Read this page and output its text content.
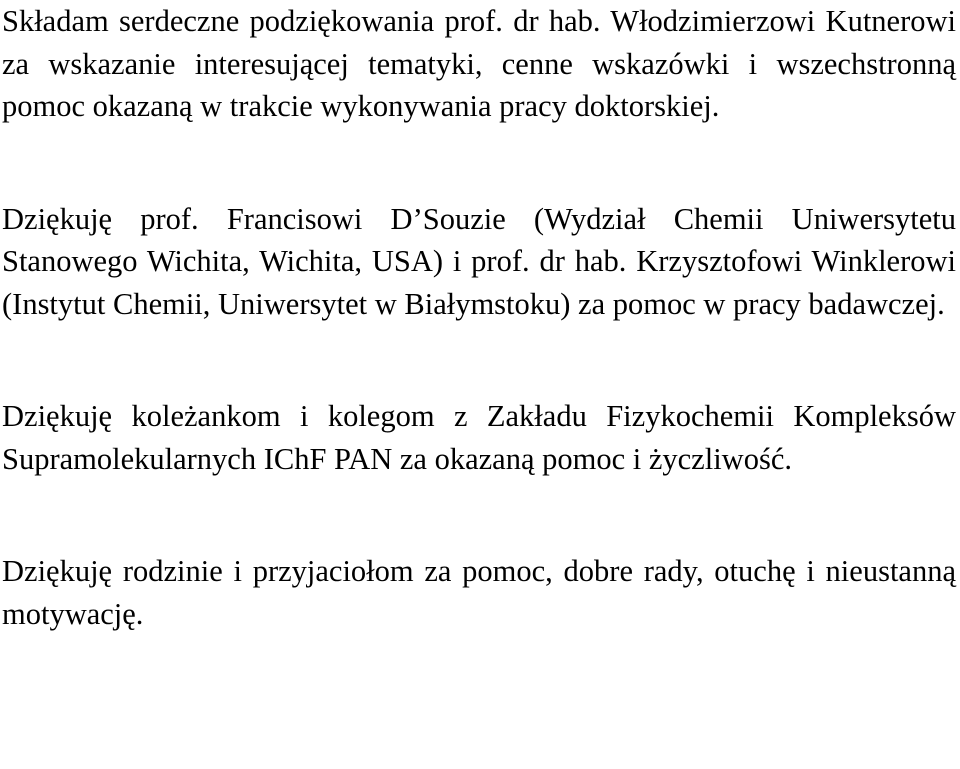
Składam serdeczne podziękowania prof. dr hab. Włodzimierzowi Kutnerowi za wskazanie interesującej tematyki, cenne wskazówki i wszechstronną pomoc okazaną w trakcie wykonywania pracy doktorskiej.

Dziękuję prof. Francisowi D’Souzie (Wydział Chemii Uniwersytetu Stanowego Wichita, Wichita, USA) i prof. dr hab. Krzysztofowi Winklerowi (Instytut Chemii, Uniwersytet w Białymstoku) za pomoc w pracy badawczej.

Dziękuję koleżankom i kolegom z Zakładu Fizykochemii Kompleksów Supramolekularnych IChF PAN za okazaną pomoc i życzliwość.

Dziękuję rodzinie i przyjaciołom za pomoc, dobre rady, otuchę i nieustanną motywację.
